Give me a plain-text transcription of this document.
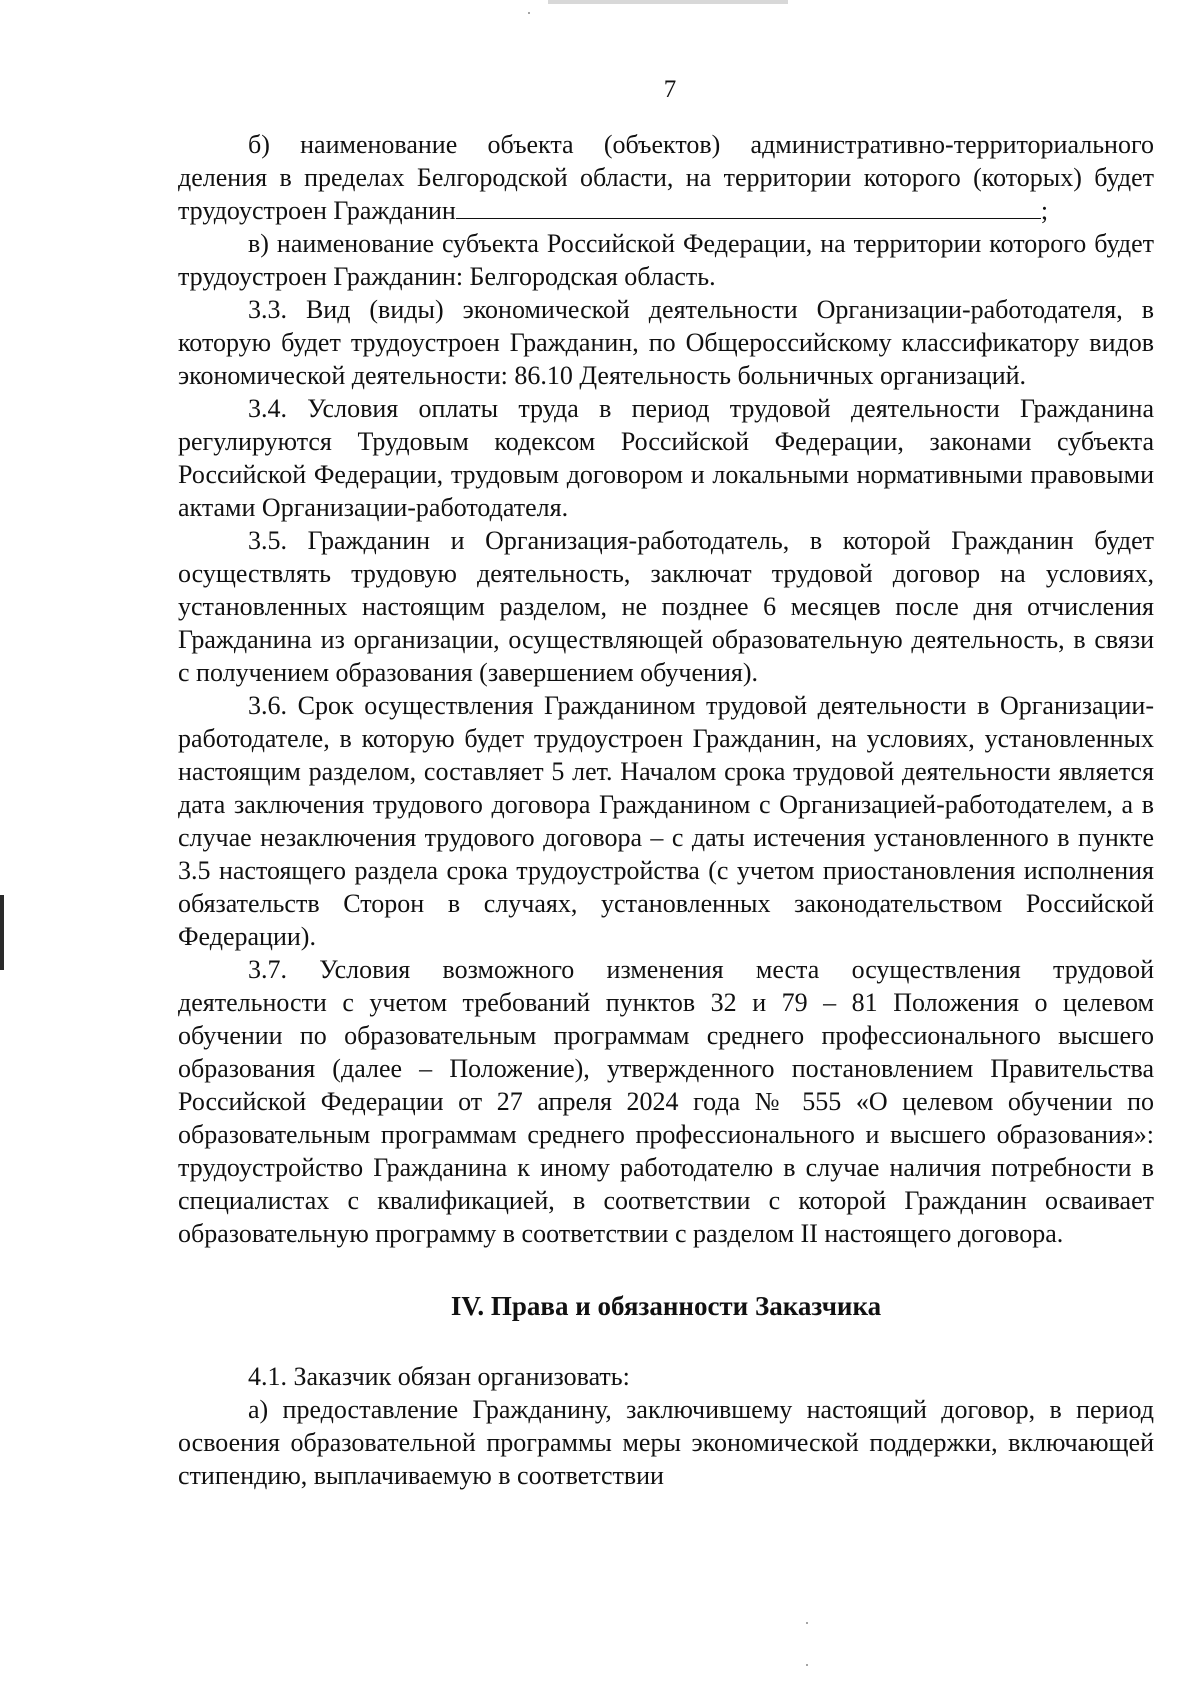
7

б) наименование объекта (объектов) административно-территориального деления в пределах Белгородской области, на территории которого (которых) будет трудоустроен Гражданин	;

в) наименование субъекта Российской Федерации, на территории которого будет трудоустроен Гражданин: Белгородская область.

3.3. Вид (виды) экономической деятельности Организации-работодателя, в которую будет трудоустроен Гражданин, по Общероссийскому классификатору видов экономической деятельности: 86.10 Деятельность больничных организаций.

3.4. Условия оплаты труда в период трудовой деятельности Гражданина регулируются Трудовым кодексом Российской Федерации, законами субъекта Российской Федерации, трудовым договором и локальными нормативными правовыми актами Организации-работодателя.

3.5. Гражданин и Организация-работодатель, в которой Гражданин будет осуществлять трудовую деятельность, заключат трудовой договор на условиях, установленных настоящим разделом, не позднее 6 месяцев после дня отчисления Гражданина из организации, осуществляющей образовательную деятельность, в связи с получением образования (завершением обучения).

3.6. Срок осуществления Гражданином трудовой деятельности в Организации-работодателе, в которую будет трудоустроен Гражданин, на условиях, установленных настоящим разделом, составляет 5 лет. Началом срока трудовой деятельности является дата заключения трудового договора Гражданином с Организацией-работодателем, а в случае незаключения трудового договора – с даты истечения установленного в пункте 3.5 настоящего раздела срока трудоустройства (с учетом приостановления исполнения обязательств Сторон в случаях, установленных законодательством Российской Федерации).

3.7. Условия возможного изменения места осуществления трудовой деятельности с учетом требований пунктов 32 и 79 – 81 Положения о целевом обучении по образовательным программам среднего профессионального высшего образования (далее – Положение), утвержденного постановлением Правительства Российской Федерации от 27 апреля 2024 года № 555 «О целевом обучении по образовательным программам среднего профессионального и высшего образования»: трудоустройство Гражданина к иному работодателю в случае наличия потребности в специалистах с квалификацией, в соответствии с которой Гражданин осваивает образовательную программу в соответствии с разделом II настоящего договора.

IV. Права и обязанности Заказчика

4.1. Заказчик обязан организовать:

а) предоставление Гражданину, заключившему настоящий договор, в период освоения образовательной программы меры экономической поддержки, включающей стипендию, выплачиваемую в соответствии
